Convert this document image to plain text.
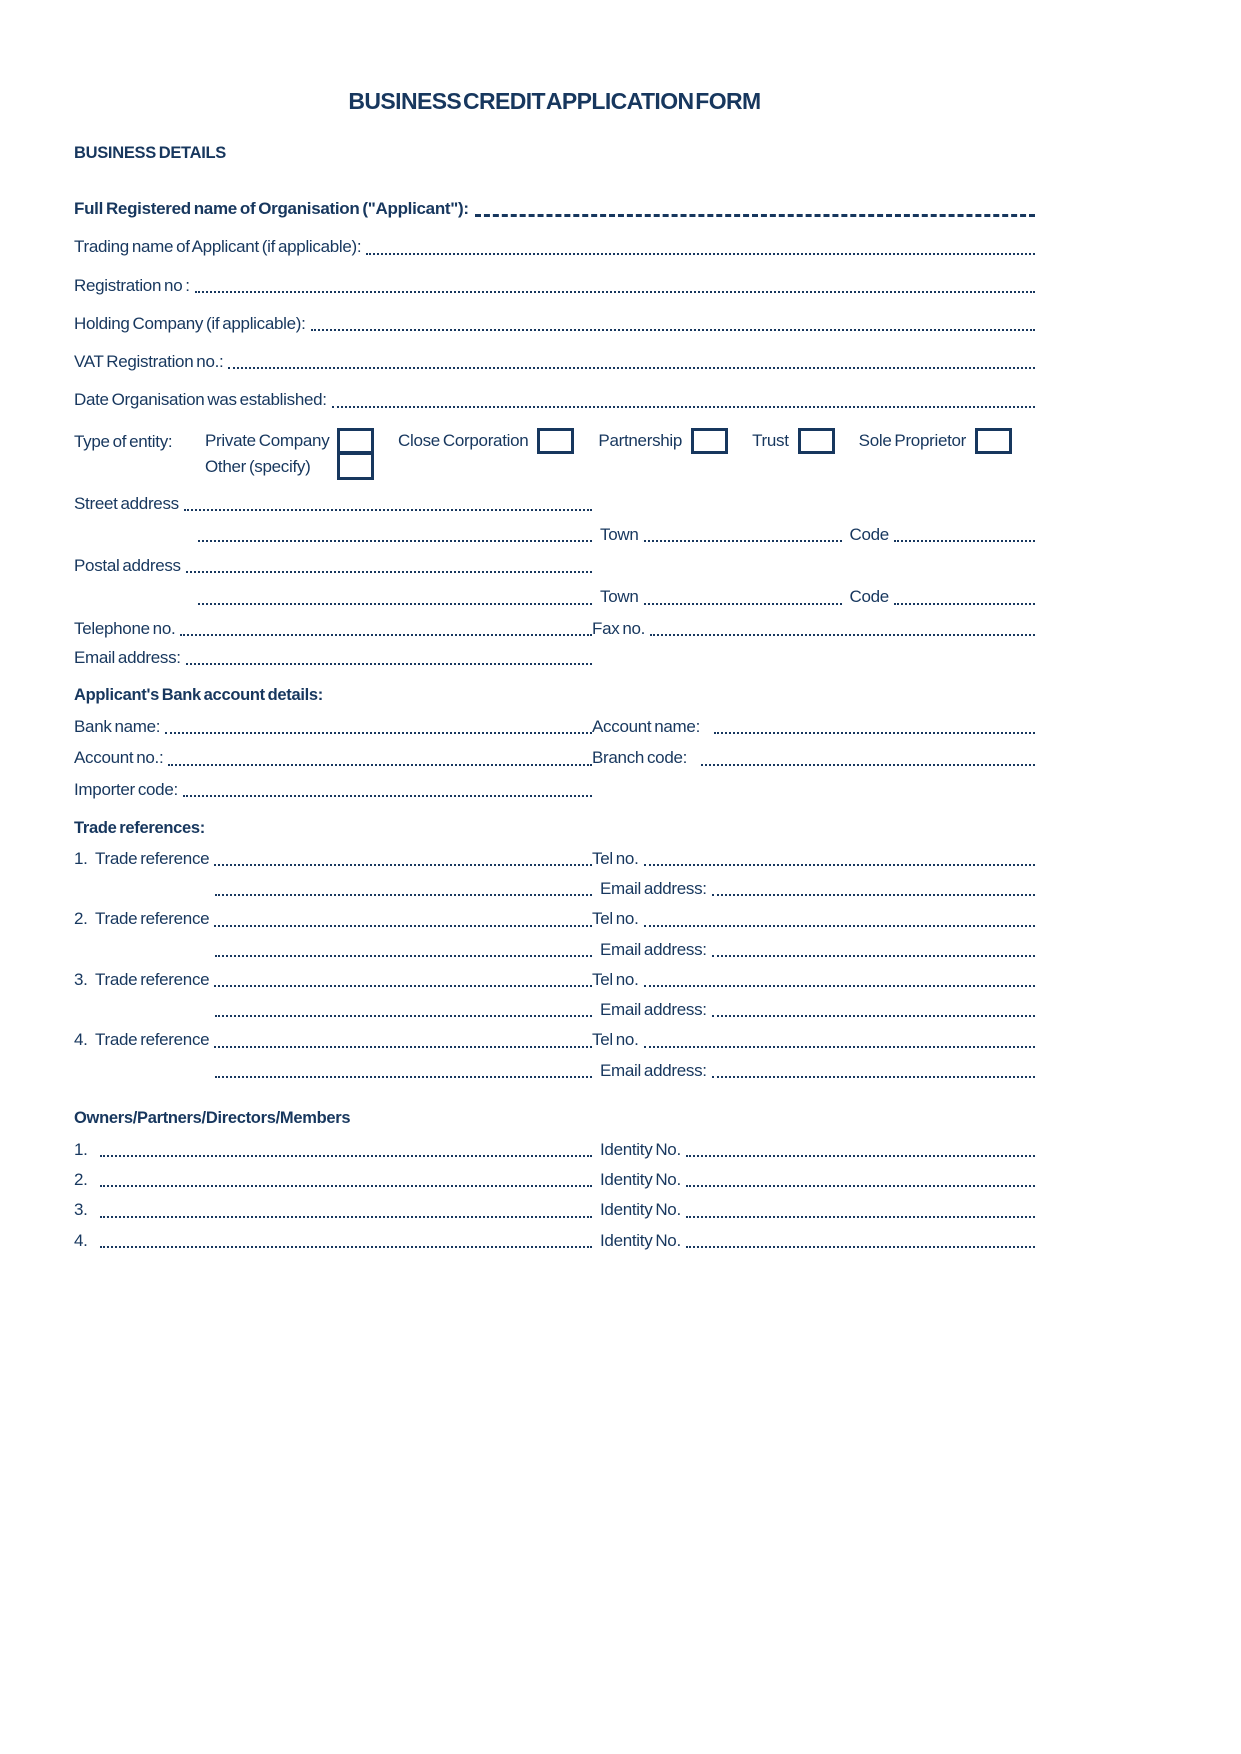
BUSINESS CREDIT APPLICATION FORM
BUSINESS DETAILS
Full Registered name of Organisation ("Applicant"):
Trading name of Applicant (if applicable):
Registration no :
Holding Company (if applicable):
VAT Registration no.:
Date Organisation was established:
Type of entity:	Private Company
Other (specify)
Close Corporation	Partnership	Trust	Sole Proprietor
Street address
Town	Code
Postal address
Town	Code
Telephone no.	Fax no.
Email address:
Applicant's Bank account details:
Bank name:	Account name:
Account no.:	Branch code:
Importer code:
Trade references:
1. Trade reference	Tel no.
Email address:
2. Trade reference	Tel no.
Email address:
3. Trade reference	Tel no.
Email address:
4. Trade reference	Tel no.
Email address:
Owners/Partners/Directors/Members
1.	Identity No.
2.	Identity No.
3.	Identity No.
4.	Identity No.
